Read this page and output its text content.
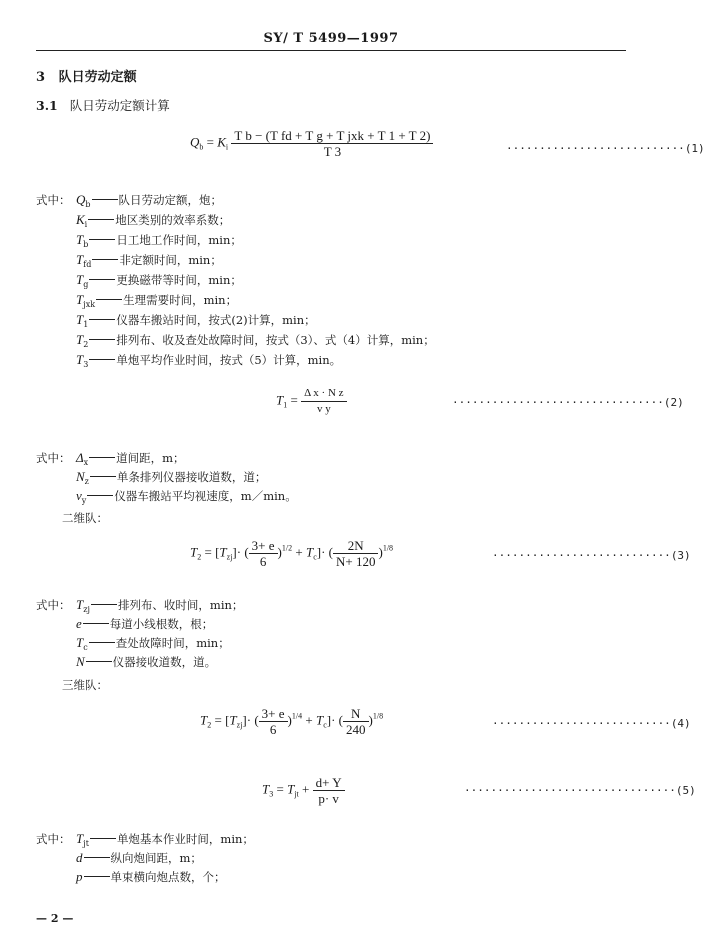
SY/ T 5499—1997
3 队日劳动定额
3.1 队日劳动定额计算
$Q_b = K_i \frac{\text{T b − (T fd + T g + T jxk + T 1 + T 2)}}{T 3}$	···························(1)
式中： $Q_b$ 队日劳动定额，炮；
$K_i$ 地区类别的效率系数；
$T_b$ 日工地工作时间，min；
$T_{fd}$ 非定额时间，min；
$T_g$ 更换磁带等时间，min；
$T_{jxk}$ 生理需要时间，min；
$T_1$ 仪器车搬站时间，按式(2)计算，min；
$T_2$ 排列布、收及查处故障时间，按式（3）、式（4）计算，min；
$T_3$ 单炮平均作业时间，按式（5）计算，min。
$T_1 = \frac{\text{Δ x · N z}}{\text{v y}}$	································(2)
式中： $\Delta_x$ 道间距，m；
$N_z$ 单条排列仪器接收道数，道；
$v_y$ 仪器车搬站平均视速度，m／min。
二维队：
$T_2 = [T_{zj}]\cdot$ ( $\frac{3+ e}{6} )^{1/2} + T_c]\cdot$ ( $\frac{2N}{N+ 120} )^{1/8}$
···························(3)
式中： $T_{zj}$ 排列布、收时间，min；
e 每道小线根数，根；
$T_c$ 查处故障时间，min；
N 仪器接收道数，道。
三维队：
$T_2 = [T_{zj}]\cdot$ ( $\frac{3+ e}{6} )^{1/4} + T_c]\cdot$ ( $\frac{N}{240} )^{1/8}$
···························(4)
$T_3 = T_{jt} + \frac{d+ Y}{p\cdot v}$	································(5)
式中： $T_{jt}$ 单炮基本作业时间，min；
d 纵向炮间距，m；
p 单束横向炮点数，个；
— 2 —
